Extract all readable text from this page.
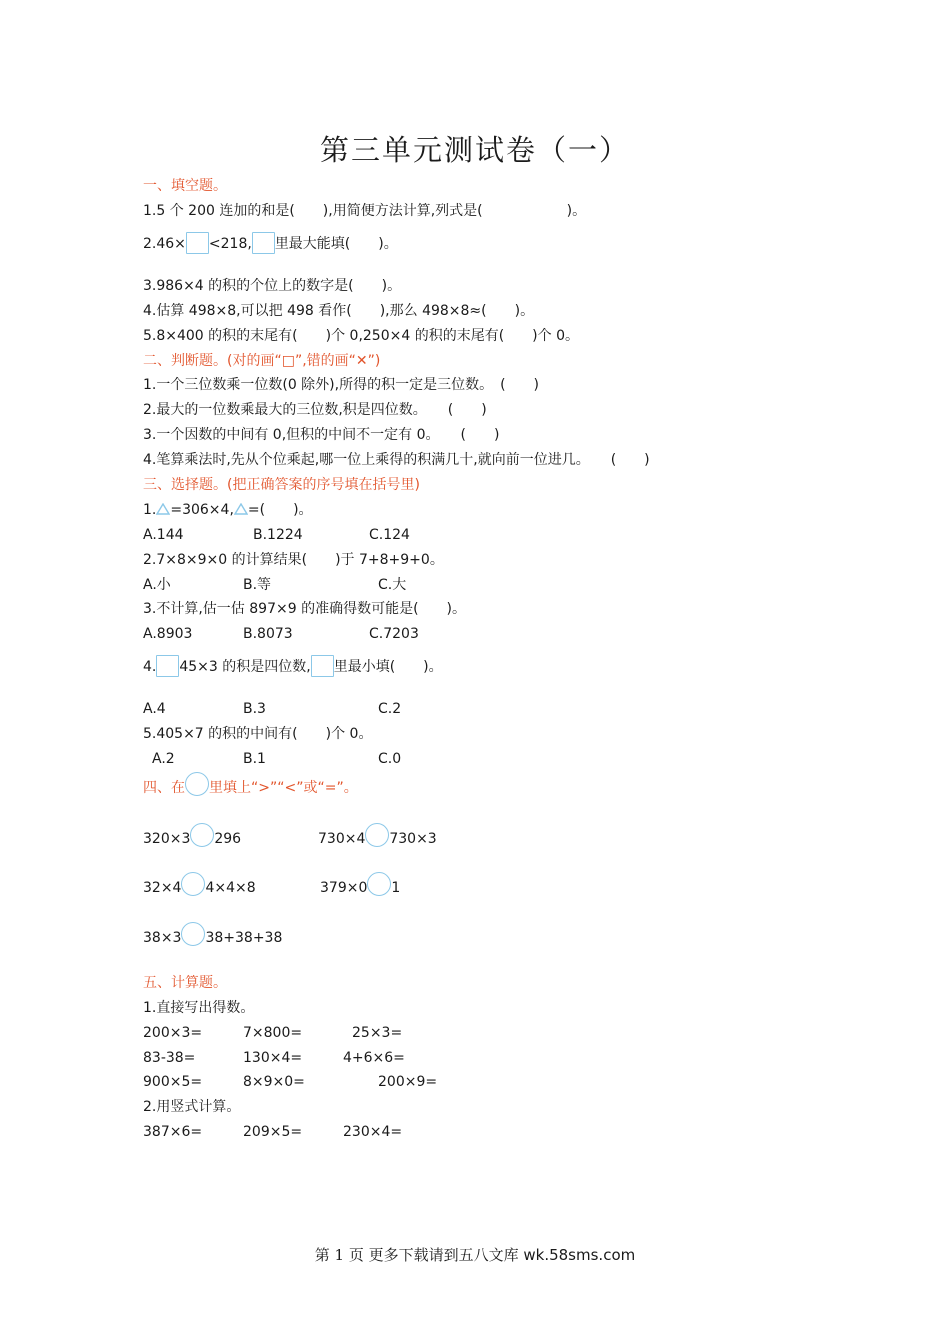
第三单元测试卷（一）
一、填空题。
1.5 个 200 连加的和是(　　),用简便方法计算,列式是(　　　　　　)。
2.46× <218, 里最大能填(　　)。
3.986×4 的积的个位上的数字是(　　)。
4.估算 498×8,可以把 498 看作(　　),那么 498×8≈(　　)。
5.8×400 的积的末尾有(　　)个 0,250×4 的积的末尾有(　　)个 0。
二、判断题。(对的画“□”,错的画“✕”)
1.一个三位数乘一位数(0 除外),所得的积一定是三位数。　(　　)
2.最大的一位数乘最大的三位数,积是四位数。　　(　　)
3.一个因数的中间有 0,但积的中间不一定有 0。　　(　　)
4.笔算乘法时,先从个位乘起,哪一位上乘得的积满几十,就向前一位进几。　　(　　)
三、选择题。(把正确答案的序号填在括号里)
1. =306×4, =(　　)。
A.144	B.1224	C.124
2.7×8×9×0 的计算结果(　　)于 7+8+9+0。
A.小	B.等	C.大
3.不计算,估一估 897×9 的准确得数可能是(　　)。
A.8903	B.8073	C.7203
4. 45×3 的积是四位数, 里最小填(　　)。
A.4	B.3	C.2
5.405×7 的积的中间有(　　)个 0。
A.2	B.1	C.0
四、在 里填上“>”“<”或“=”。
320×3 296	730×4 730×3
32×4 4×4×8	379×0 1
38×3 38+38+38
五、计算题。
1.直接写出得数。
200×3=	7×800=	25×3=
83-38=	130×4=	4+6×6=
900×5=	8×9×0=	200×9=
2.用竖式计算。
387×6=	209×5=	230×4=
第 1 页 更多下载请到五八文库 wk.58sms.com
